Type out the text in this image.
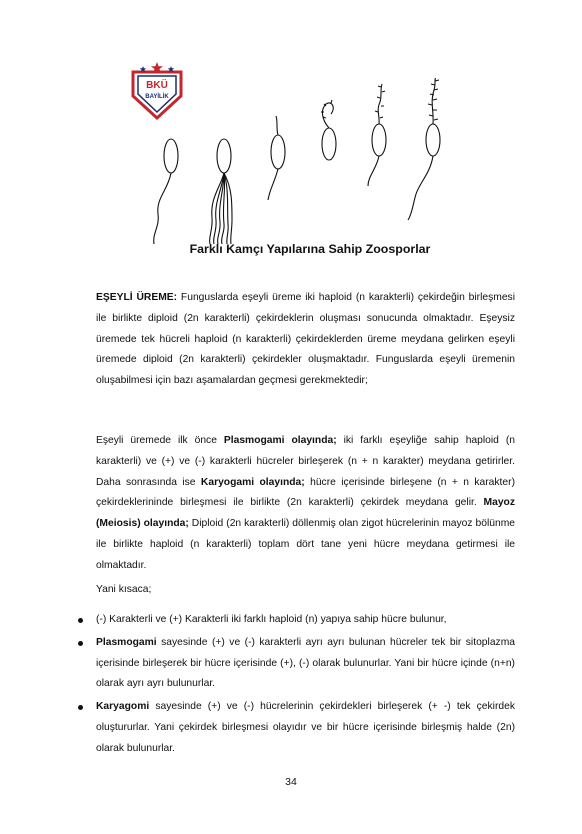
BKÜ
BAYİLİK
Farklı Kamçı Yapılarına Sahip Zoosporlar

EŞEYLİ ÜREME: Funguslarda eşeyli üreme iki haploid (n karakterli) çekirdeğin birleşmesi ile birlikte diploid (2n karakterli) çekirdeklerin oluşması sonucunda olmaktadır. Eşeysiz üremede tek hücreli haploid (n karakterli) çekirdeklerden üreme meydana gelirken eşeyli üremede diploid (2n karakterli) çekirdekler oluşmaktadır. Funguslarda eşeyli üremenin oluşabilmesi için bazı aşamalardan geçmesi gerekmektedir;

Eşeyli üremede ilk önce Plasmogami olayında; iki farklı eşeyliğe sahip haploid (n karakterli) ve (+) ve (-) karakterli hücreler birleşerek (n + n karakter) meydana getirirler. Daha sonrasında ise Karyogami olayında; hücre içerisinde birleşene (n + n karakter) çekirdeklerininde birleşmesi ile birlikte (2n karakterli) çekirdek meydana gelir. Mayoz (Meiosis) olayında; Diploid (2n karakterli) döllenmiş olan zigot hücrelerinin mayoz bölünme ile birlikte haploid (n karakterli) toplam dört tane yeni hücre meydana getirmesi ile olmaktadır.

Yani kısaca;
(-) Karakterli ve (+) Karakterli iki farklı haploid (n) yapıya sahip hücre bulunur,
Plasmogami sayesinde (+) ve (-) karakterli ayrı ayrı bulunan hücreler tek bir sitoplazma içerisinde birleşerek bir hücre içerisinde (+), (-) olarak bulunurlar. Yani bir hücre içinde (n+n) olarak ayrı ayrı bulunurlar.
Karyagomi sayesinde (+) ve (-) hücrelerinin çekirdekleri birleşerek (+ -) tek çekirdek oluştururlar. Yani çekirdek birleşmesi olayıdır ve bir hücre içerisinde birleşmiş halde (2n) olarak bulunurlar.
34
